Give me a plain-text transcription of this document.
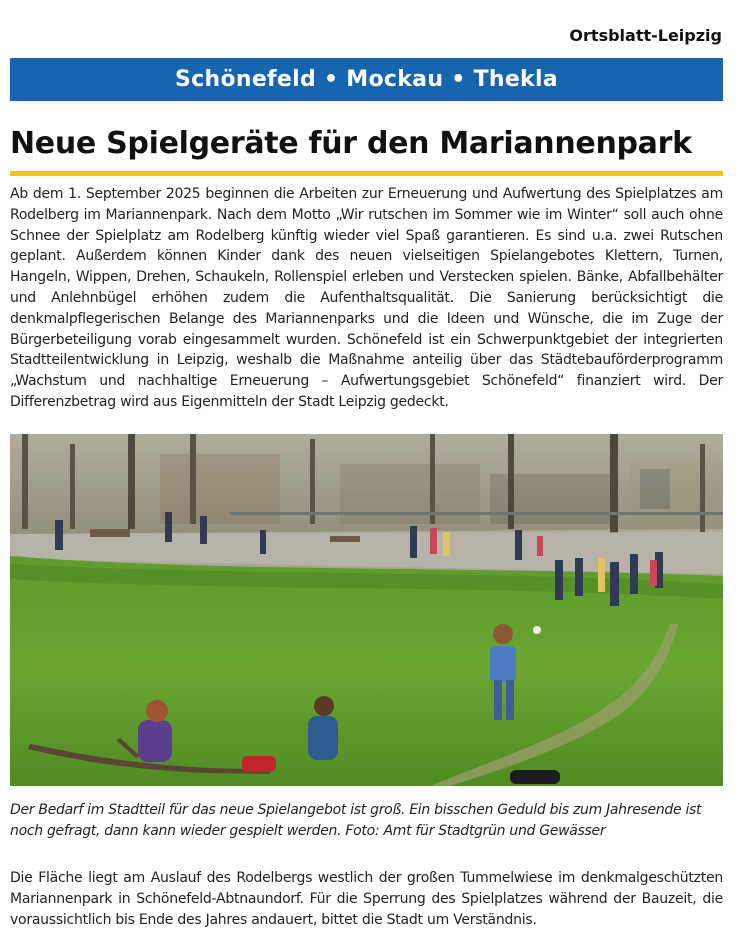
Ortsblatt-Leipzig
Schönefeld • Mockau • Thekla
Neue Spielgeräte für den Mariannenpark

Ab dem 1. September 2025 beginnen die Arbeiten zur Erneuerung und Aufwertung des Spielplatzes am Rodelberg im Mariannenpark. Nach dem Motto „Wir rutschen im Sommer wie im Winter“ soll auch ohne Schnee der Spielplatz am Rodelberg künftig wieder viel Spaß garantieren. Es sind u.a. zwei Rutschen geplant. Außerdem können Kinder dank des neuen vielseitigen Spielangebotes Klettern, Turnen, Hangeln, Wippen, Drehen, Schaukeln, Rollenspiel erleben und Verstecken spielen. Bänke, Abfallbehälter und Anlehnbügel erhöhen zudem die Aufenthaltsqualität. Die Sanierung berücksichtigt die denkmalpflegerischen Belange des Mariannenparks und die Ideen und Wünsche, die im Zuge der Bürgerbeteiligung vorab eingesammelt wurden. Schönefeld ist ein Schwerpunktgebiet der integrierten Stadtteilentwicklung in Leipzig, weshalb die Maßnahme anteilig über das Städtebauförderprogramm „Wachstum und nachhaltige Erneuerung – Aufwertungsgebiet Schönefeld“ finanziert wird. Der Differenzbetrag wird aus Eigenmitteln der Stadt Leipzig gedeckt.

Der Bedarf im Stadtteil für das neue Spielangebot ist groß. Ein bisschen Geduld bis zum Jahresende ist noch gefragt, dann kann wieder gespielt werden. Foto: Amt für Stadtgrün und Gewässer

Die Fläche liegt am Auslauf des Rodelbergs westlich der großen Tummelwiese im denkmalgeschützten Mariannenpark in Schönefeld-Abtnaundorf. Für die Sperrung des Spielplatzes während der Bauzeit, die voraussichtlich bis Ende des Jahres andauert, bittet die Stadt um Verständnis.
